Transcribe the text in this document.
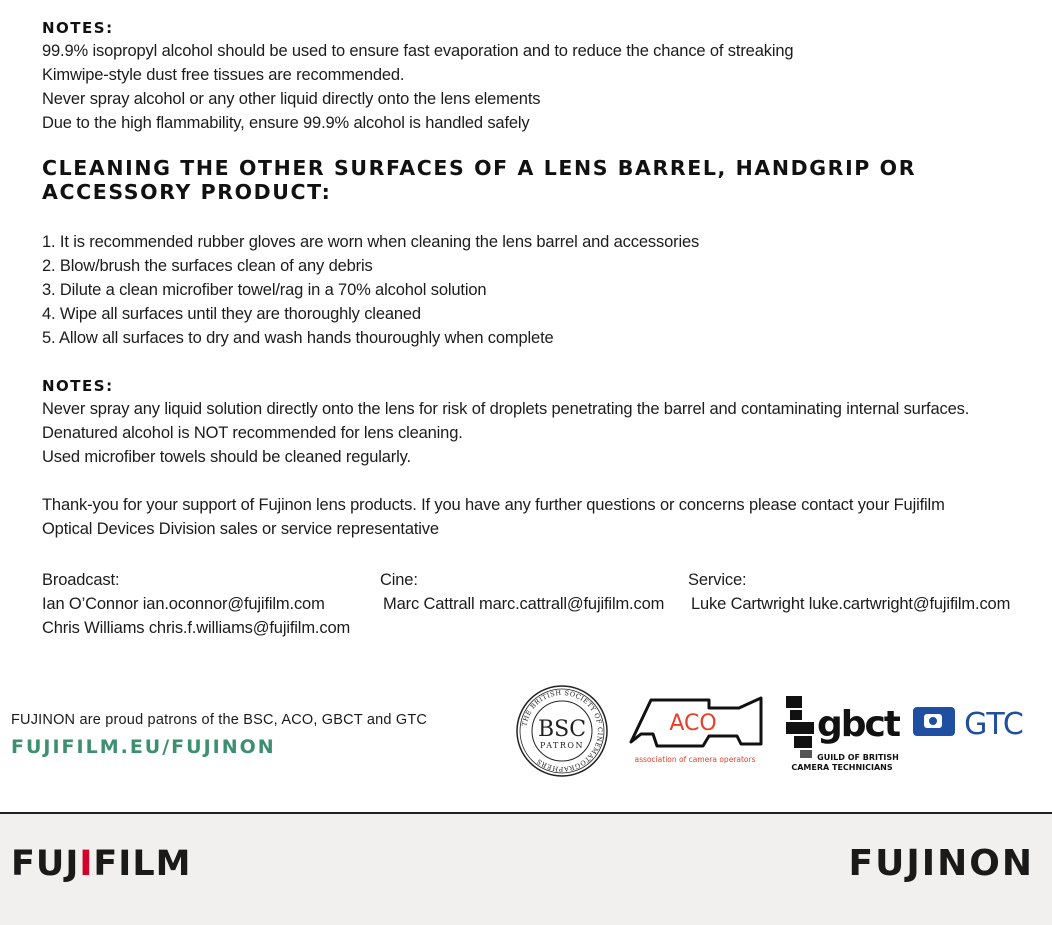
NOTES:
99.9% isopropyl alcohol should be used to ensure fast evaporation and to reduce the chance of streaking
Kimwipe-style dust free tissues are recommended.
Never spray alcohol or any other liquid directly onto the lens elements
Due to the high flammability, ensure 99.9% alcohol is handled safely
CLEANING THE OTHER SURFACES OF A LENS BARREL, HANDGRIP OR
ACCESSORY PRODUCT:
1. It is recommended rubber gloves are worn when cleaning the lens barrel and accessories
2. Blow/brush the surfaces clean of any debris
3. Dilute a clean microfiber towel/rag in a 70% alcohol solution
4. Wipe all surfaces until they are thoroughly cleaned
5. Allow all surfaces to dry and wash hands thouroughly when complete
NOTES:
Never spray any liquid solution directly onto the lens for risk of droplets penetrating the barrel and contaminating internal surfaces.
Denatured alcohol is NOT recommended for lens cleaning.
Used microfiber towels should be cleaned regularly.
Thank-you for your support of Fujinon lens products. If you have any further questions or concerns please contact your Fujifilm
Optical Devices Division sales or service representative
Broadcast:
Ian O’Connor ian.oconnor@fujifilm.com
Chris Williams chris.f.williams@fujifilm.com
Cine:
Marc Cattrall marc.cattrall@fujifilm.com
Service:
Luke Cartwright luke.cartwright@fujifilm.com
FUJINON are proud patrons of the BSC, ACO, GBCT and GTC
FUJIFILM.EU/FUJINON
THE BRITISH SOCIETY OF CINEMATOGRAPHERS
BSC
PATRON
ACO
association of camera operators
gbct
GUILD OF BRITISH
CAMERA TECHNICIANS
GTC
FUJIFILM	FUJINON
